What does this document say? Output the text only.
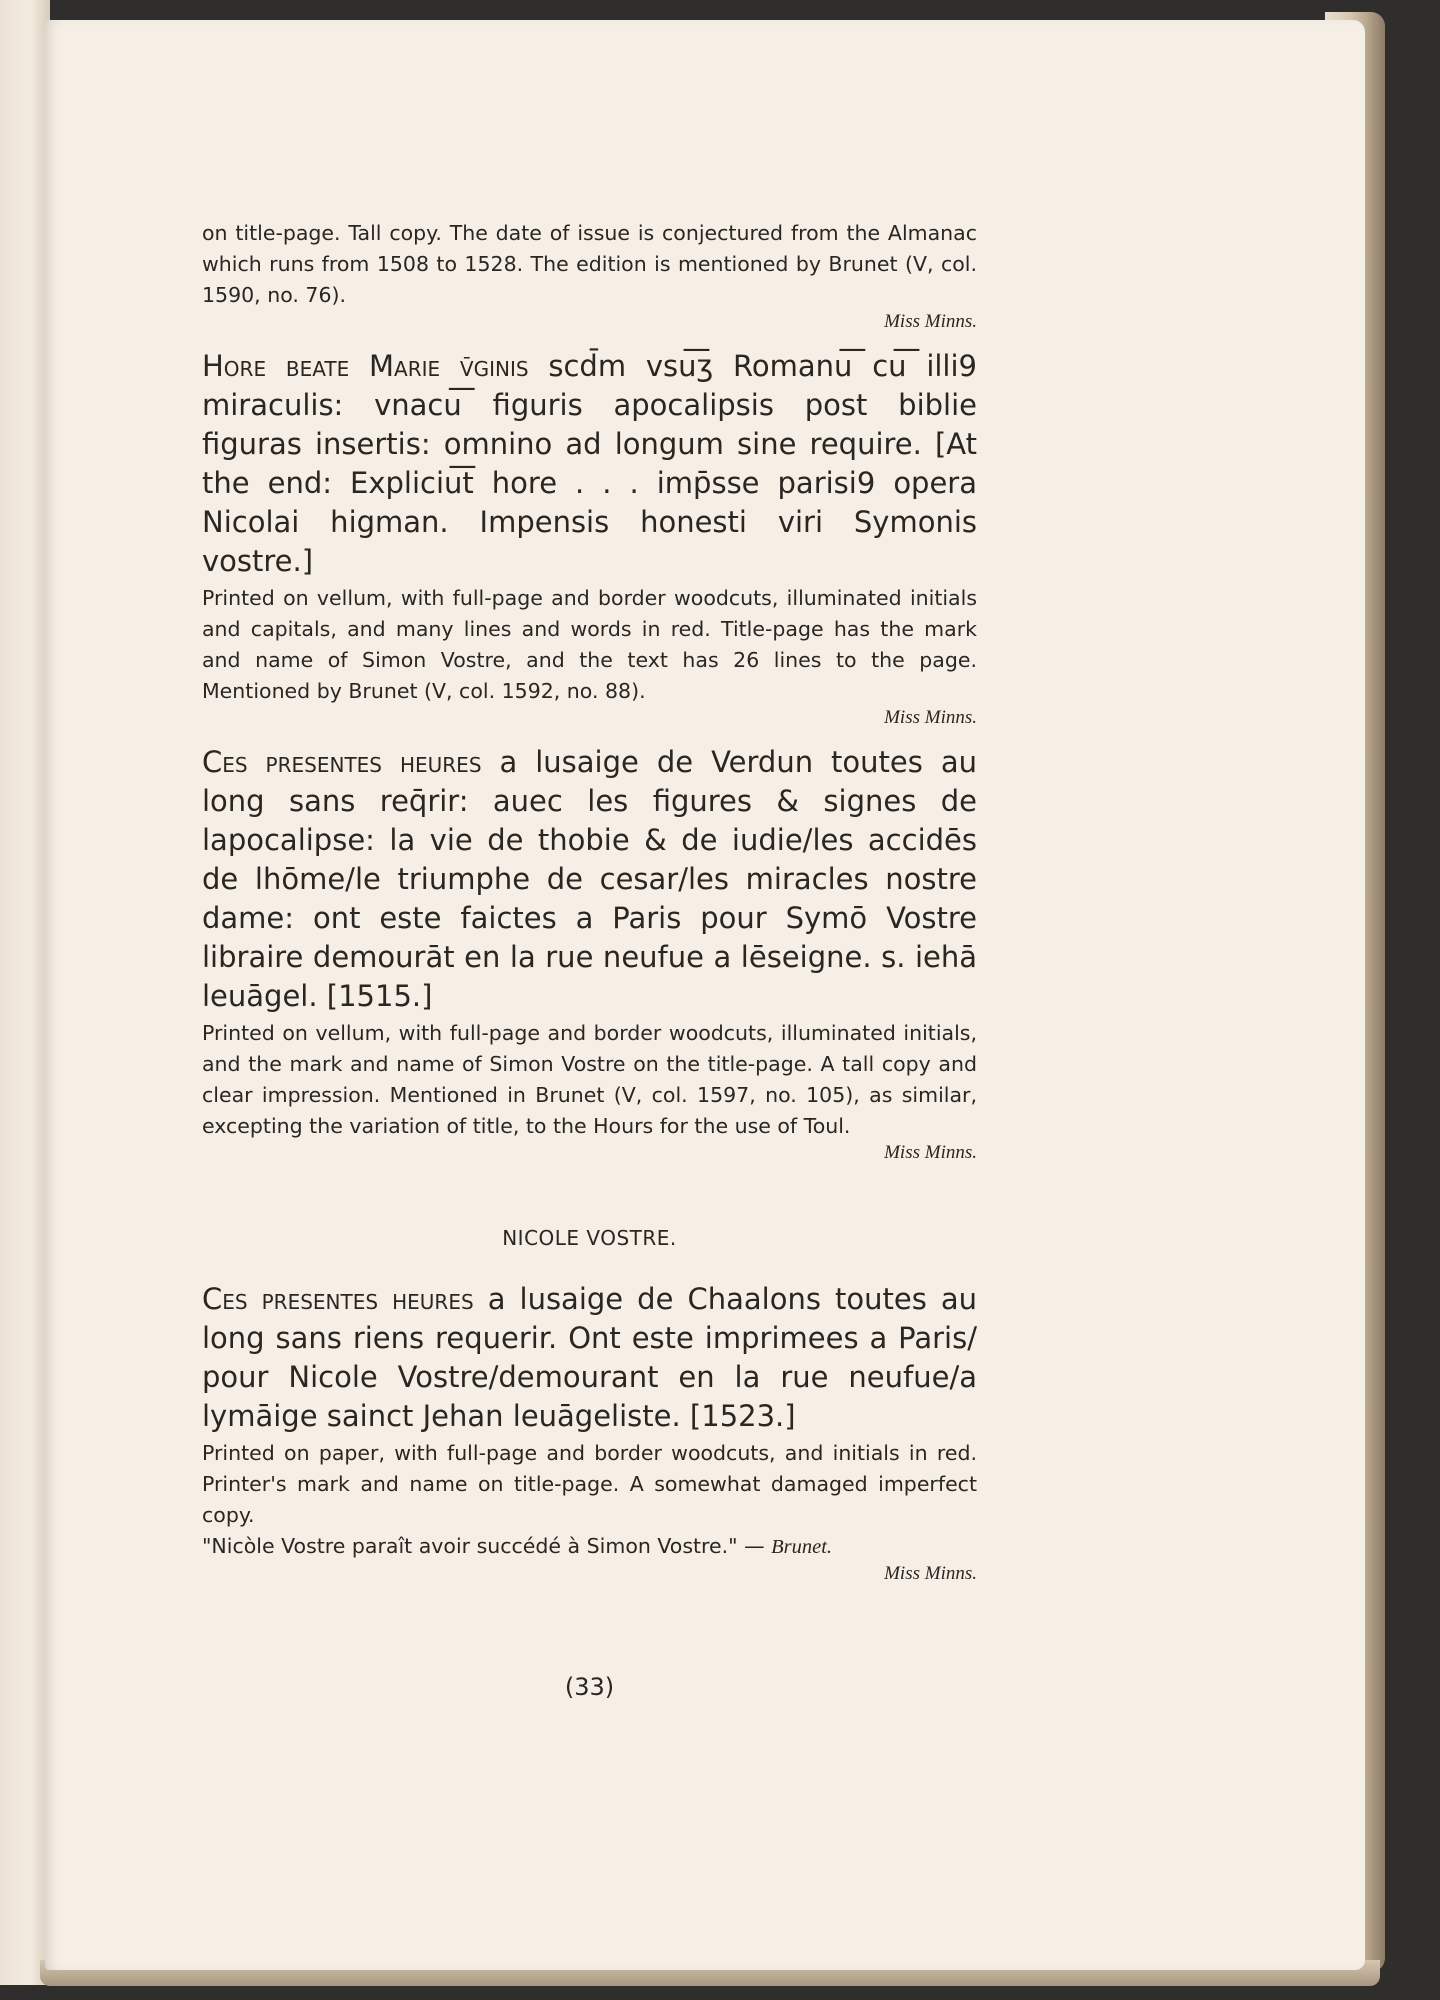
on title-page. Tall copy. The date of issue is conjectured from the Almanac which runs from 1508 to 1528. The edition is mentioned by Brunet (V, col. 1590, no. 76).

Miss Minns.

Hore beate Marie v̄ginis scd̄m vsu͞ʒ Romanu͞ cu͞ illi9 miraculis: vnacu͞ figuris apocalipsis post biblie figuras insertis: omnino ad longum sine require. [At the end: Expliciu͞t hore . . . imp̄sse parisi9 opera Nicolai higman. Impensis honesti viri Symonis vostre.]

Printed on vellum, with full-page and border woodcuts, illuminated initials and capitals, and many lines and words in red. Title-page has the mark and name of Simon Vostre, and the text has 26 lines to the page. Mentioned by Brunet (V, col. 1592, no. 88).

Miss Minns.

Ces presentes heures a lusaige de Verdun toutes au long sans req̄rir: auec les figures & signes de lapocalipse: la vie de thobie & de iudie/les accidēs de lhōme/le triumphe de cesar/les miracles nostre dame: ont este faictes a Paris pour Symō Vostre libraire demourāt en la rue neufue a lēseigne. s. iehā leuāgel. [1515.]

Printed on vellum, with full-page and border woodcuts, illuminated initials, and the mark and name of Simon Vostre on the title-page. A tall copy and clear impression. Mentioned in Brunet (V, col. 1597, no. 105), as similar, excepting the variation of title, to the Hours for the use of Toul.

Miss Minns.

NICOLE VOSTRE.

Ces presentes heures a lusaige de Chaalons toutes au long sans riens requerir. Ont este imprimees a Paris/ pour Nicole Vostre/demourant en la rue neufue/a lymāige sainct Jehan leuāgeliste. [1523.]

Printed on paper, with full-page and border woodcuts, and initials in red. Printer's mark and name on title-page. A somewhat damaged imperfect copy.

"Nicòle Vostre paraît avoir succédé à Simon Vostre." — Brunet.

Miss Minns.

(33)
